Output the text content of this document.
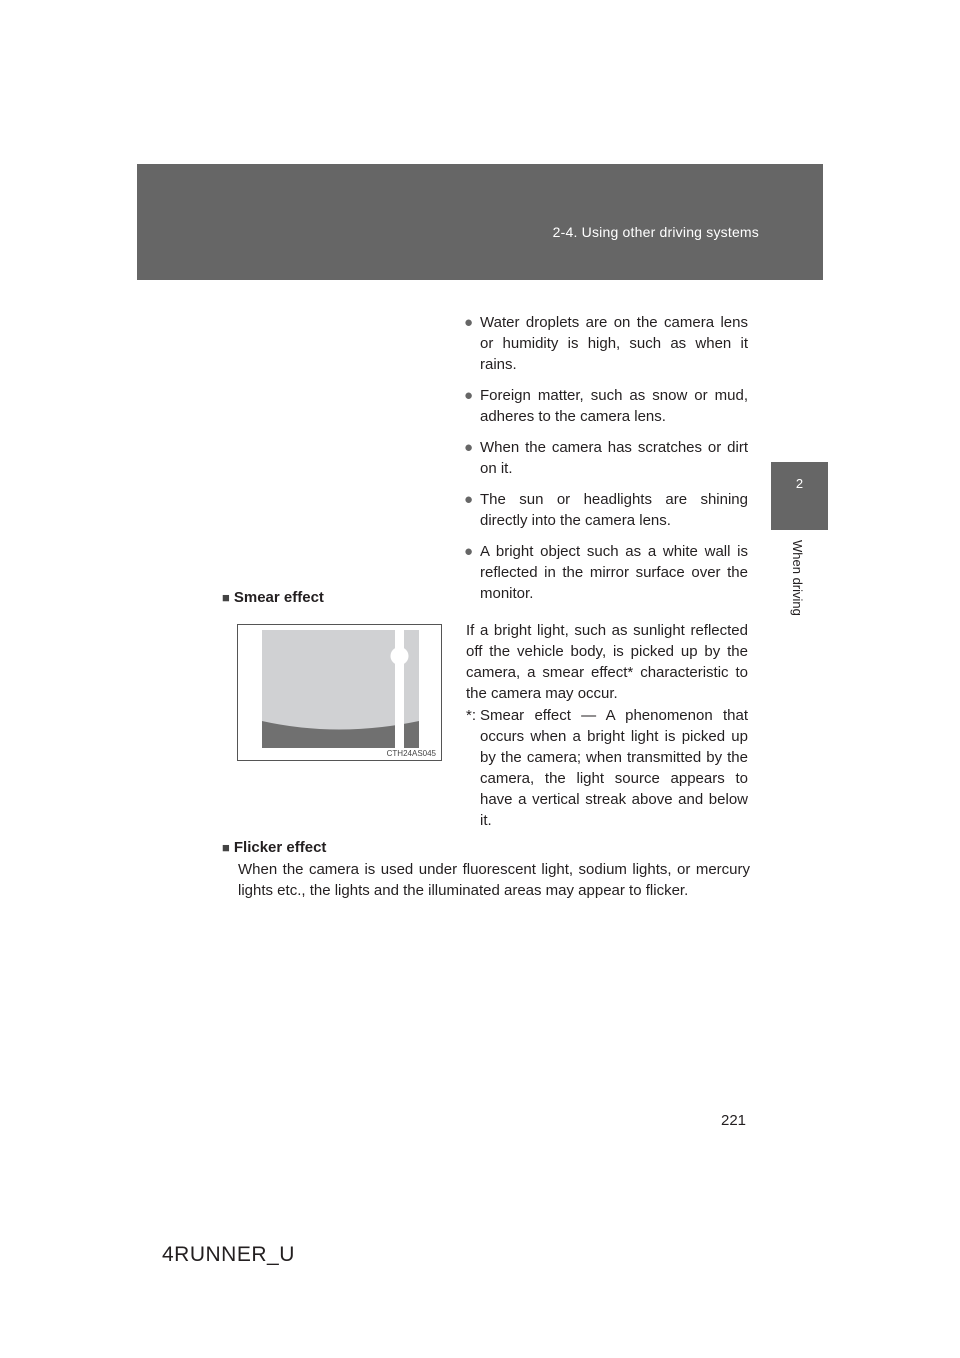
2-4. Using other driving systems
2
When driving
● Water droplets are on the camera lens or humidity is high, such as when it rains.
● Foreign matter, such as snow or mud, adheres to the camera lens.
● When the camera has scratches or dirt on it.
● The sun or headlights are shining directly into the camera lens.
● A bright object such as a white wall is reflected in the mirror surface over the monitor.
■ Smear effect
CTH24AS045

If a bright light, such as sunlight reflected off the vehicle body, is picked up by the camera, a smear effect* characteristic to the camera may occur.

*: Smear effect — A phenomenon that occurs when a bright light is picked up by the camera; when transmitted by the camera, the light source appears to have a vertical streak above and below it.
■ Flicker effect

When the camera is used under fluorescent light, sodium lights, or mercury lights etc., the lights and the illuminated areas may appear to flicker.

221
4RUNNER_U
